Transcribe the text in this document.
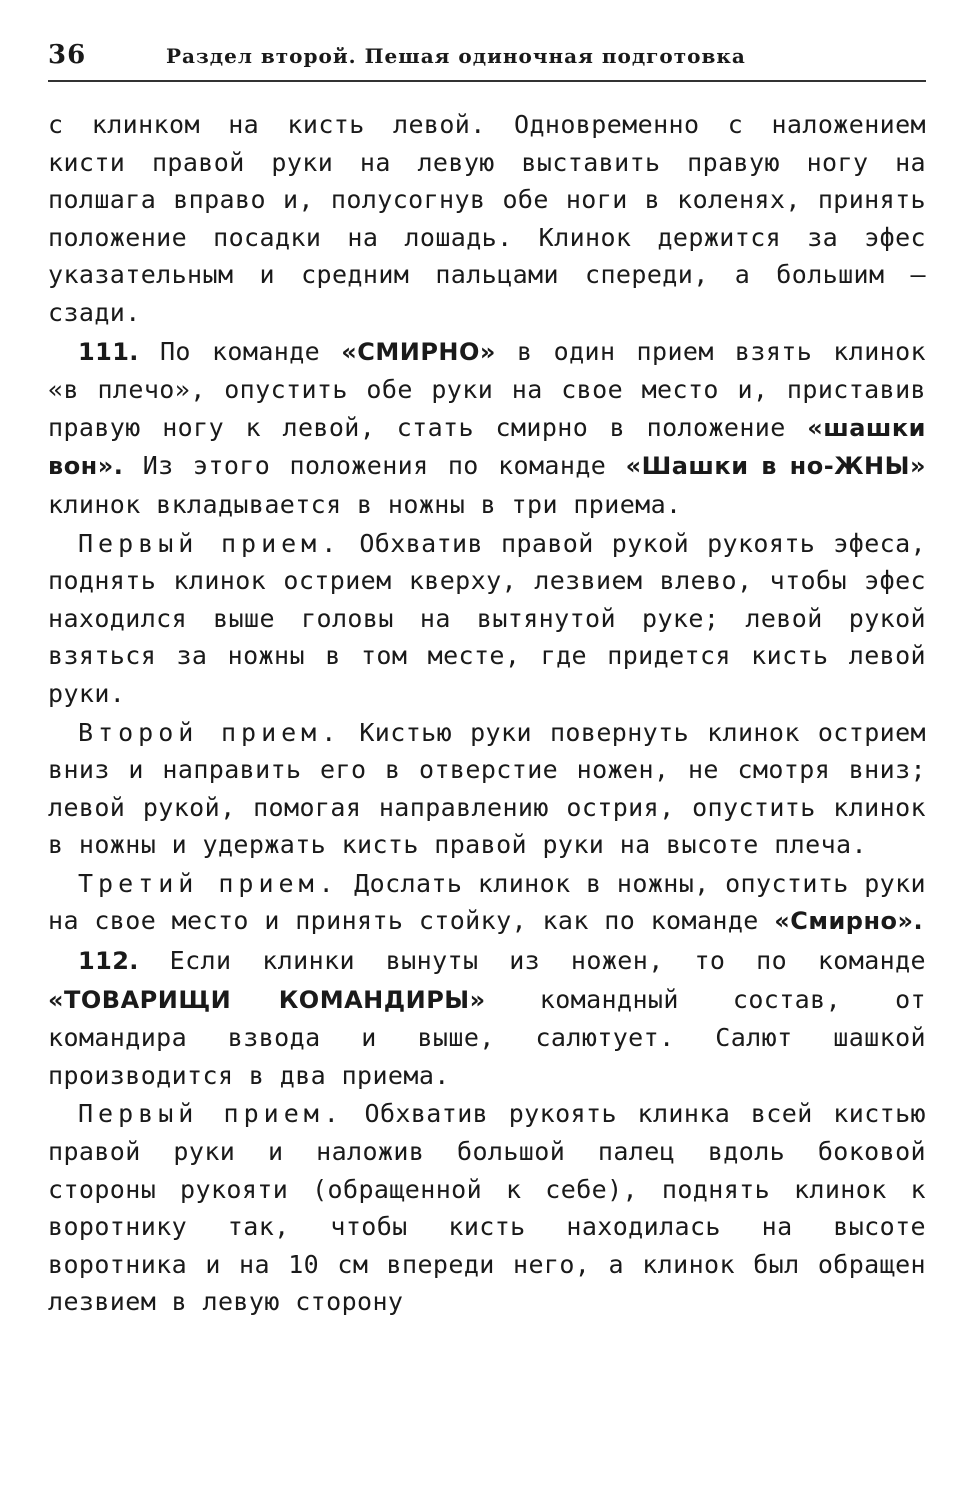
36	Раздел второй. Пешая одиночная подготовка

с клинком на кисть левой. Одновременно с наложением кисти правой руки на левую выставить правую ногу на полшага вправо и, полусогнув обе ноги в коленях, принять положение посадки на лошадь. Клинок держится за эфес указательным и средним пальцами спереди, а большим — сзади.

111. По команде «СМИРНО» в один прием взять клинок «в плечо», опустить обе руки на свое место и, приставив правую ногу к левой, стать смирно в положение «шашки вон». Из этого положения по команде «Шашки в но-ЖНЫ» клинок вкладывается в ножны в три приема.

Первый прием. Обхватив правой рукой рукоять эфеса, поднять клинок острием кверху, лезвием влево, чтобы эфес находился выше головы на вытянутой руке; левой рукой взяться за ножны в том месте, где придется кисть левой руки.

Второй прием. Кистью руки повернуть клинок острием вниз и направить его в отверстие ножен, не смотря вниз; левой рукой, помогая направлению острия, опустить клинок в ножны и удержать кисть правой руки на высоте плеча.

Третий прием. Дослать клинок в ножны, опустить руки на свое место и принять стойку, как по команде «Смирно».

112. Если клинки вынуты из ножен, то по команде «ТОВАРИЩИ КОМАНДИРЫ» командный состав, от командира взвода и выше, салютует. Салют шашкой производится в два приема.

Первый прием. Обхватив рукоять клинка всей кистью правой руки и наложив большой палец вдоль боковой стороны рукояти (обращенной к себе), поднять клинок к воротнику так, чтобы кисть находилась на высоте воротника и на 10 см впереди него, а клинок был обращен лезвием в левую сторону
